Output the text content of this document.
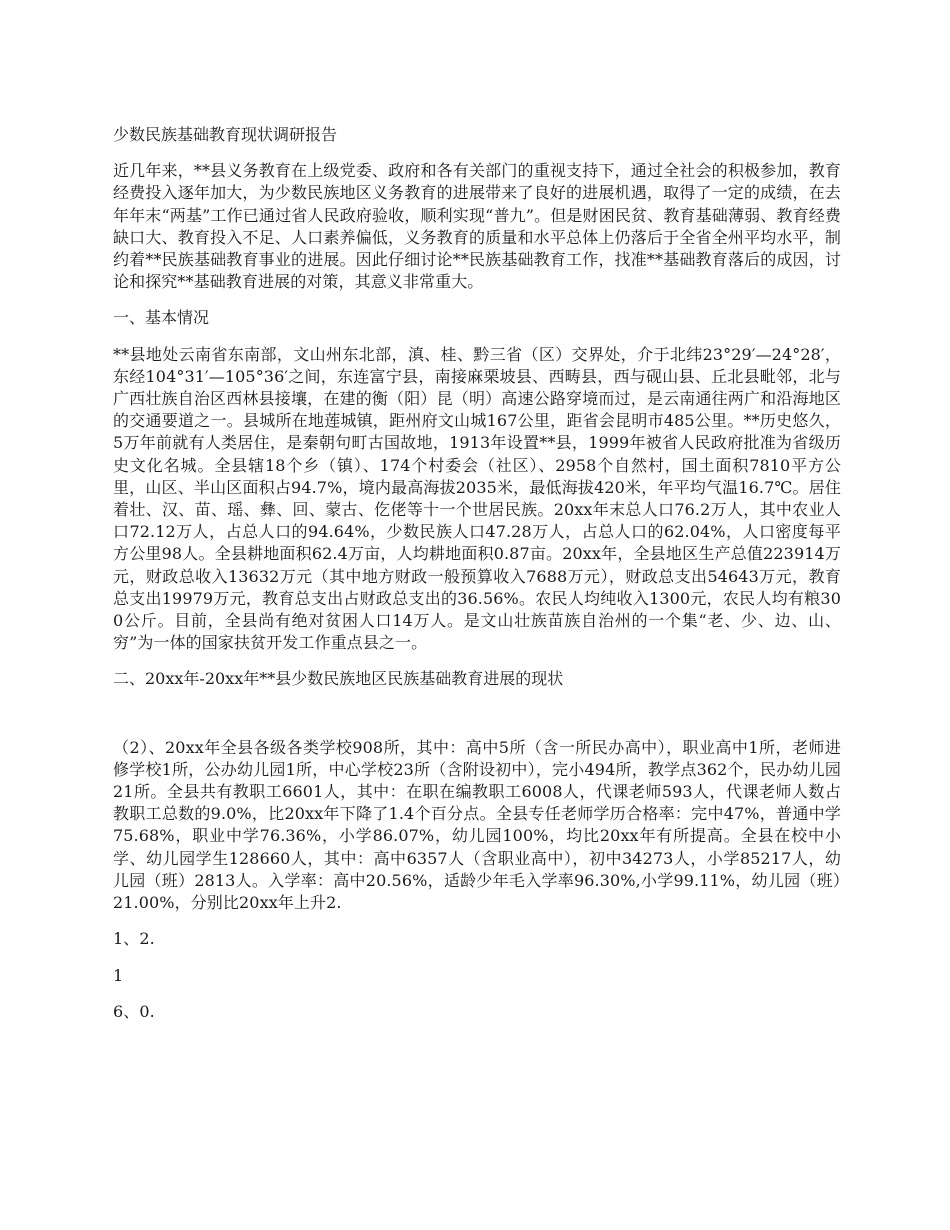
少数民族基础教育现状调研报告

近几年来，**县义务教育在上级党委、政府和各有关部门的重视支持下，通过全社会的积极参加，教育经费投入逐年加大，为少数民族地区义务教育的进展带来了良好的进展机遇，取得了一定的成绩，在去年年末“两基”工作已通过省人民政府验收，顺利实现“普九”。但是财困民贫、教育基础薄弱、教育经费缺口大、教育投入不足、人口素养偏低，义务教育的质量和水平总体上仍落后于全省全州平均水平，制约着**民族基础教育事业的进展。因此仔细讨论**民族基础教育工作，找准**基础教育落后的成因，讨论和探究**基础教育进展的对策，其意义非常重大。

一、基本情况

**县地处云南省东南部，文山州东北部，滇、桂、黔三省（区）交界处，介于北纬23°29′—24°28′，东经104°31′—105°36′之间，东连富宁县，南接麻栗坡县、西畴县，西与砚山县、丘北县毗邻，北与广西壮族自治区西林县接壤，在建的衡（阳）昆（明）高速公路穿境而过，是云南通往两广和沿海地区的交通要道之一。县城所在地莲城镇，距州府文山城167公里，距省会昆明市485公里。**历史悠久，5万年前就有人类居住，是秦朝句町古国故地，1913年设置**县，1999年被省人民政府批准为省级历史文化名城。全县辖18个乡（镇）、174个村委会（社区）、2958个自然村，国土面积7810平方公里，山区、半山区面积占94.7%，境内最高海拔2035米，最低海拔420米，年平均气温16.7℃。居住着壮、汉、苗、瑶、彝、回、蒙古、仡佬等十一个世居民族。20xx年末总人口76.2万人，其中农业人口72.12万人，占总人口的94.64%，少数民族人口47.28万人，占总人口的62.04%，人口密度每平方公里98人。全县耕地面积62.4万亩，人均耕地面积0.87亩。20xx年，全县地区生产总值223914万元，财政总收入13632万元（其中地方财政一般预算收入7688万元），财政总支出54643万元，教育总支出19979万元，教育总支出占财政总支出的36.56%。农民人均纯收入1300元，农民人均有粮300公斤。目前，全县尚有绝对贫困人口14万人。是文山壮族苗族自治州的一个集“老、少、边、山、穷”为一体的国家扶贫开发工作重点县之一。

二、20xx年-20xx年**县少数民族地区民族基础教育进展的现状

（2）、20xx年全县各级各类学校908所，其中：高中5所（含一所民办高中），职业高中1所，老师进修学校1所，公办幼儿园1所，中心学校23所（含附设初中），完小494所，教学点362个，民办幼儿园21所。全县共有教职工6601人，其中：在职在编教职工6008人，代课老师593人，代课老师人数占教职工总数的9.0%，比20xx年下降了1.4个百分点。全县专任老师学历合格率：完中47%，普通中学75.68%，职业中学76.36%，小学86.07%，幼儿园100%，均比20xx年有所提高。全县在校中小学、幼儿园学生128660人，其中：高中6357人（含职业高中），初中34273人，小学85217人，幼儿园（班）2813人。入学率：高中20.56%，适龄少年毛入学率96.30%,小学99.11%，幼儿园（班）21.00%，分别比20xx年上升2.

1、2.

1

6、0.
